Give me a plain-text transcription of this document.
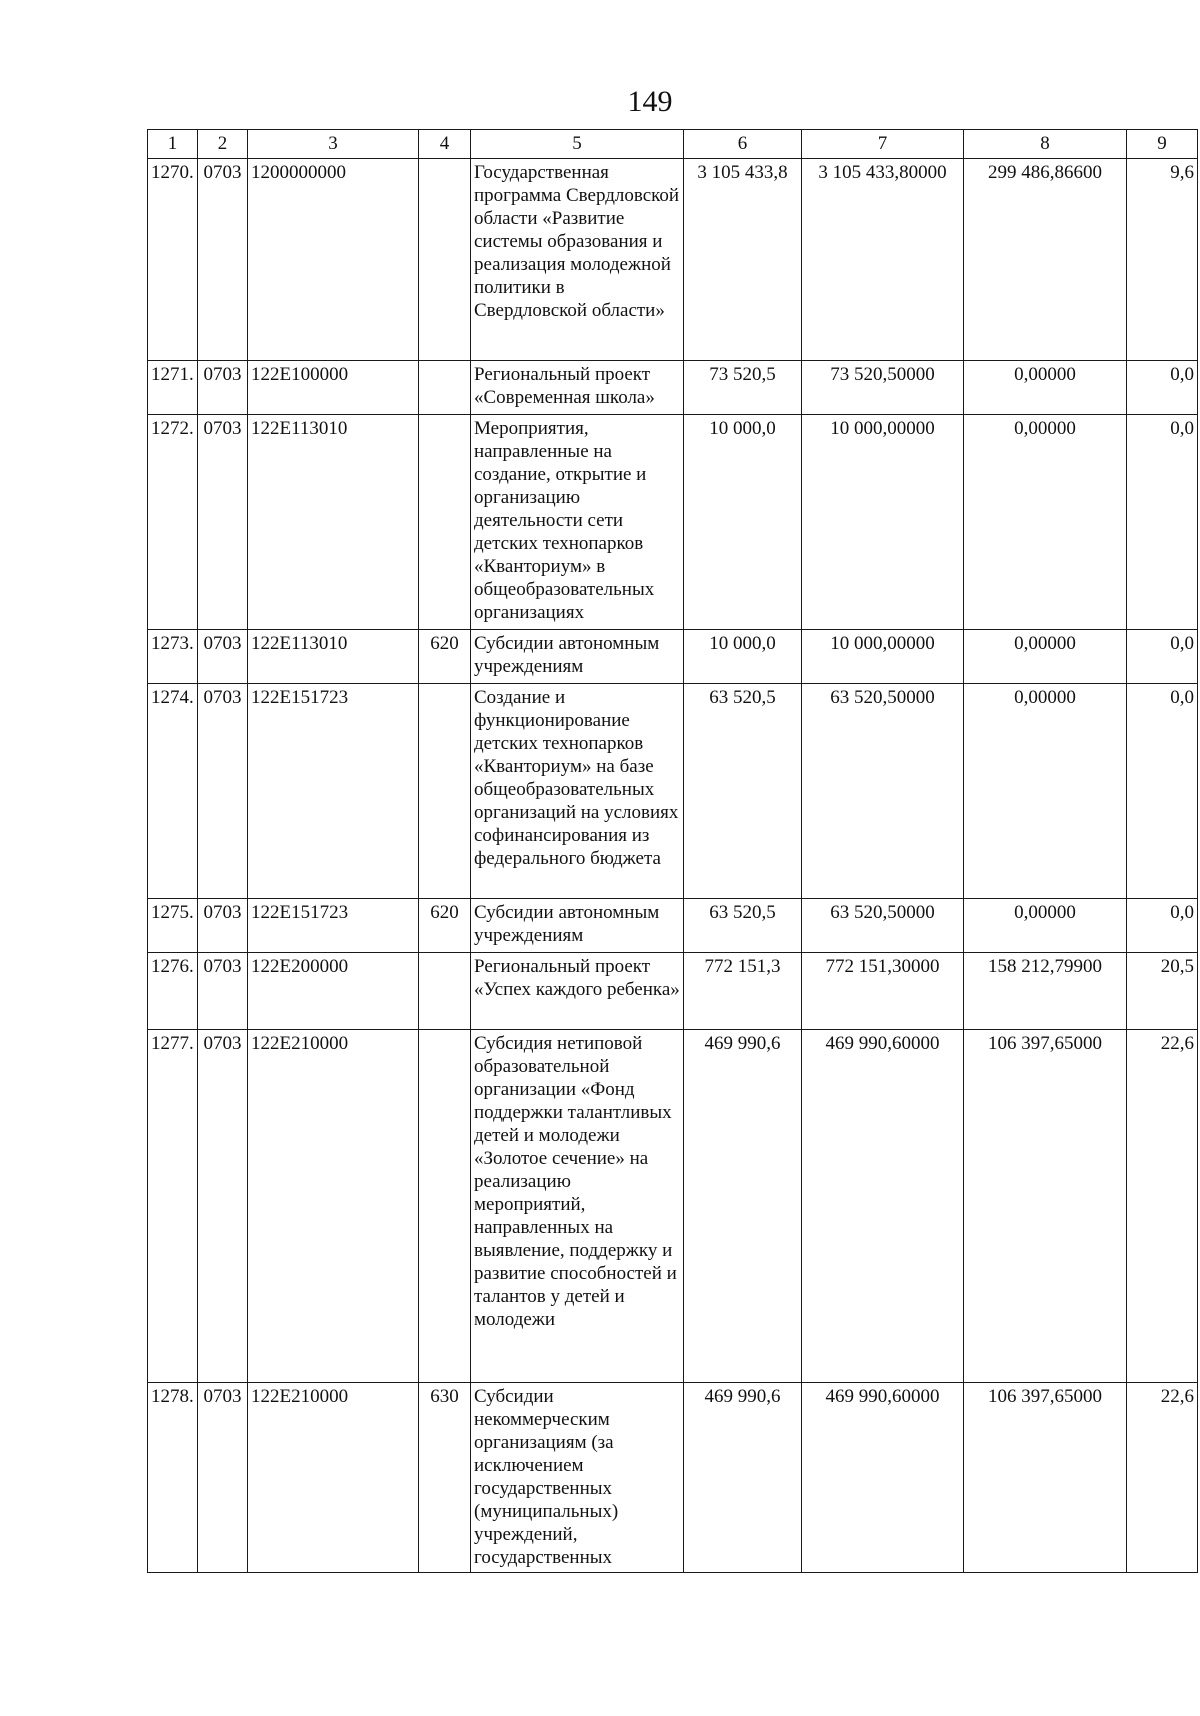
149
1	2	3	4	5	6	7	8	9
1270.	0703	1200000000		Государственная программа Свердловской области «Развитие системы образования и реализация молодежной политики в Свердловской области»	3 105 433,8	3 105 433,80000	299 486,86600	9,6
1271.	0703	122E100000		Региональный проект «Современная школа»	73 520,5	73 520,50000	0,00000	0,0
1272.	0703	122E113010		Мероприятия, направленные на создание, открытие и организацию деятельности сети детских технопарков «Кванториум» в общеобразовательных организациях	10 000,0	10 000,00000	0,00000	0,0
1273.	0703	122E113010	620	Субсидии автономным учреждениям	10 000,0	10 000,00000	0,00000	0,0
1274.	0703	122E151723		Создание и функционирование детских технопарков «Кванториум» на базе общеобразовательных организаций на условиях софинансирования из федерального бюджета	63 520,5	63 520,50000	0,00000	0,0
1275.	0703	122E151723	620	Субсидии автономным учреждениям	63 520,5	63 520,50000	0,00000	0,0
1276.	0703	122E200000		Региональный проект «Успех каждого ребенка»	772 151,3	772 151,30000	158 212,79900	20,5
1277.	0703	122E210000		Субсидия нетиповой образовательной организации «Фонд поддержки талантливых детей и молодежи «Золотое сечение» на реализацию мероприятий, направленных на выявление, поддержку и развитие способностей и талантов у детей и молодежи	469 990,6	469 990,60000	106 397,65000	22,6
1278.	0703	122E210000	630	Субсидии некоммерческим организациям (за исключением государственных (муниципальных) учреждений, государственных	469 990,6	469 990,60000	106 397,65000	22,6
